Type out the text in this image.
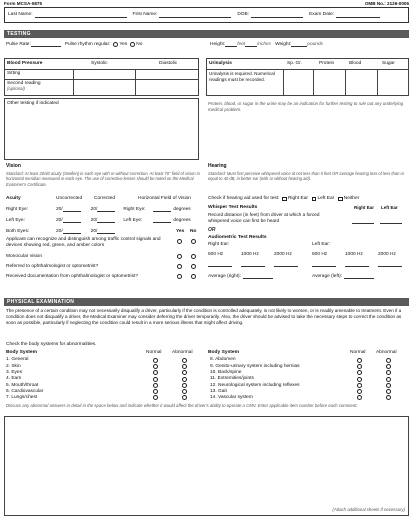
Form MCSA-5875	OMB No.: 2126-0006
Last Name:	First Name:	DOB:	Exam Date:
TESTING
Pulse Rate:	Pulse rhythm regular: Yes No	Height:	feet	inches Weight:	pounds
Blood Pressure	Systolic	Diastolic
Sitting
Second reading
(optional)
Urinalysis	Sp. Gr.	Protein	Blood	Sugar
Urinalysis is required. Numerical readings must be recorded.
Other testing if indicated	Protein, blood, or sugar in the urine may be an indication for further testing to rule out any underlying medical problem.
Vision
Standard: At least 20/40 acuity (Snellen) in each eye with or without correction. At least 70° field of vision in horizontal meridian measured in each eye. The use of corrective lenses should be noted on the Medical Examiner's Certificate.
Acuity	Uncorrected	Corrected	Horizontal Field of Vision
Right Eye:	20/	20/	Right Eye:	degrees
Left Eye:	20/	20/	Left Eye:	degrees
Both Eyes:	20/	20/	Yes No
Applicant can recognize and distinguish among traffic control signals and devices showing red, green, and amber colors
Monocular vision
Referred to ophthalmologist or optometrist?
Received documentation from ophthalmologist or optometrist?
Hearing
Standard: Must first perceive whispered voice at not less than 5 feet OR average hearing loss of less than or equal to 40 dB, in better ear (with or without hearing aid).
Check if hearing aid used for test: Right Ear Left Ear Neither
Whisper Test Results	Right Ear Left Ear
Record distance (in feet) from driver at which a forced whispered voice can first be heard
OR
Audiometric Test Results
Right Ear:	Left Ear:
500 Hz	1000 Hz	2000 Hz	500 Hz	1000 Hz	2000 Hz
Average (right):	Average (left):
PHYSICAL EXAMINATION
The presence of a certain condition may not necessarily disqualify a driver, particularly if the condition is controlled adequately, is not likely to worsen, or is readily amenable to treatment. Even if a condition does not disqualify a driver, the Medical Examiner may consider deferring the driver temporarily. Also, the driver should be advised to take the necessary steps to correct the condition as soon as possible, particularly if neglecting the condition could result in a more serious illness that might affect driving.
Check the body systems for abnormalities.
Body System	Normal Abnormal
1. General
2. Skin
3. Eyes
4. Ears
5. Mouth/throat
6. Cardiovascular
7. Lungs/chest
Body System	Normal Abnormal
8. Abdomen
9. Genito-urinary system including hernias
10. Back/spine
11. Extremities/joints
12. Neurological system including reflexes
13. Gait
14. Vascular system
Discuss any abnormal answers in detail in the space below and indicate whether it would affect the driver's ability to operate a CMV. Enter applicable item number before each comment.
(Attach additional sheets if necessary)
